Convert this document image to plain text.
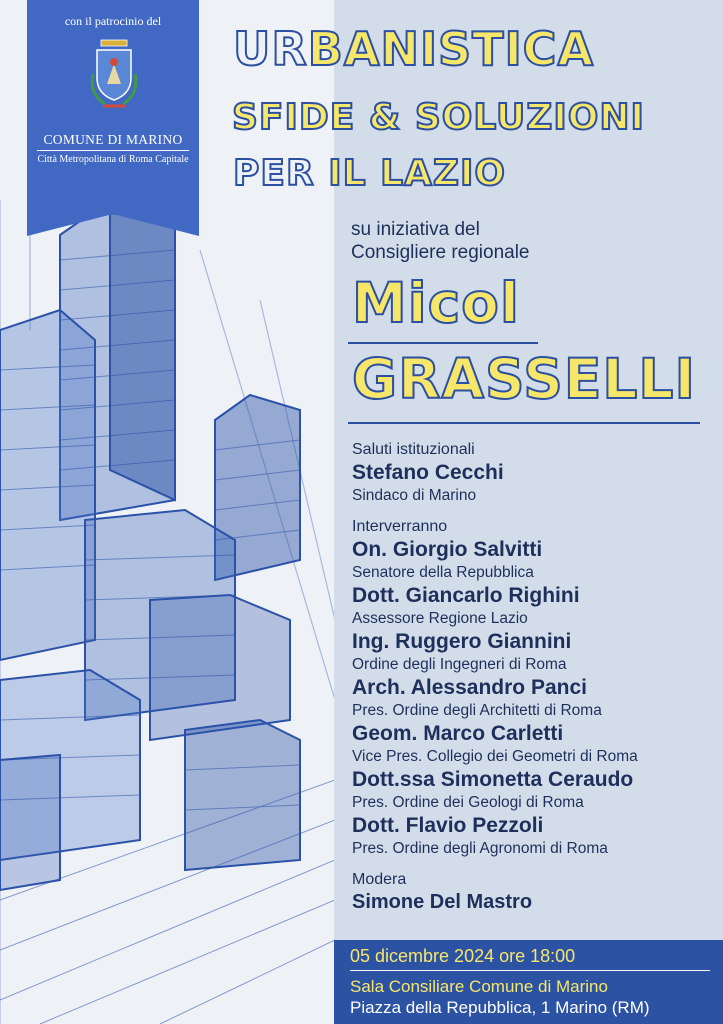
con il patrocinio del
COMUNE DI MARINO
Città Metropolitana di Roma Capitale
URBANISTICA
SFIDE & SOLUZIONI
PER IL LAZIO
su iniziativa del
Consigliere regionale
Micol
GRASSELLI
Saluti istituzionali
Stefano Cecchi
Sindaco di Marino
Interverranno
On. Giorgio Salvitti
Senatore della Repubblica
Dott. Giancarlo Righini
Assessore Regione Lazio
Ing. Ruggero Giannini
Ordine degli Ingegneri di Roma
Arch. Alessandro Panci
Pres. Ordine degli Architetti di Roma
Geom. Marco Carletti
Vice Pres. Collegio dei Geometri di Roma
Dott.ssa Simonetta Ceraudo
Pres. Ordine dei Geologi di Roma
Dott. Flavio Pezzoli
Pres. Ordine degli Agronomi di Roma
Modera
Simone Del Mastro
05 dicembre 2024 ore 18:00
Sala Consiliare Comune di Marino
Piazza della Repubblica, 1 Marino (RM)
